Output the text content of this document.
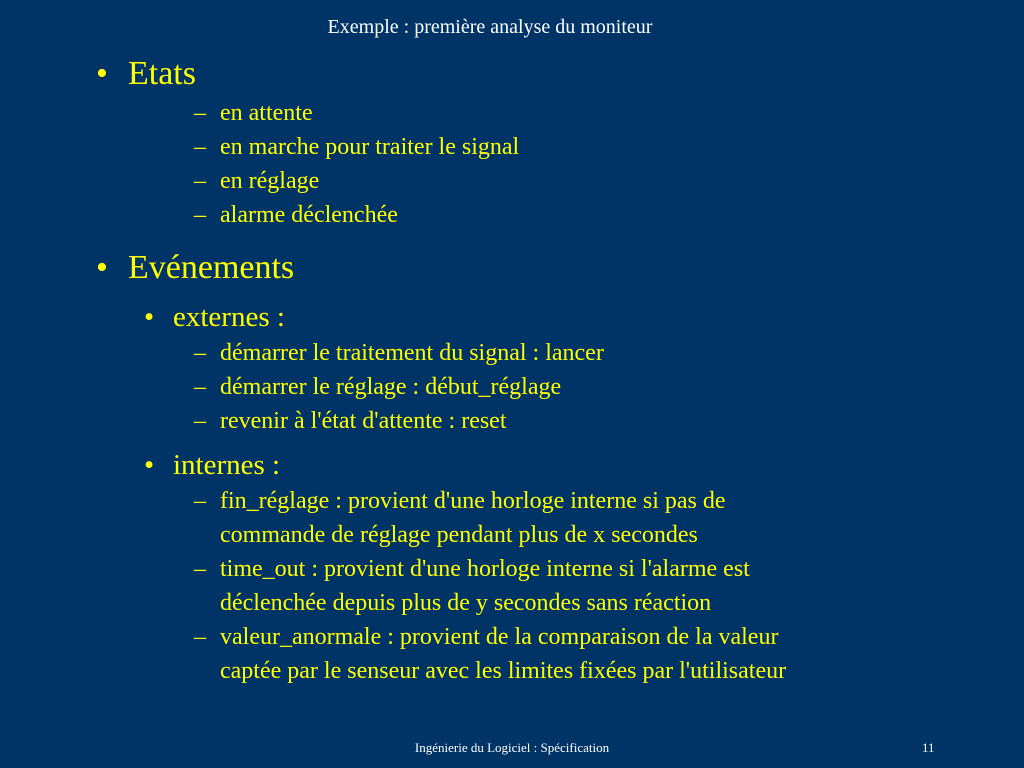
Exemple : première analyse du moniteur
• Etats
– en attente
– en marche pour traiter le signal
– en réglage
– alarme déclenchée
• Evénements
• externes :
– démarrer le traitement du signal : lancer
– démarrer le réglage : début_réglage
– revenir à l'état d'attente : reset
• internes :
– fin_réglage : provient d'une horloge interne si pas de
commande de réglage pendant plus de x secondes
– time_out : provient d'une horloge interne si l'alarme est
déclenchée depuis plus de y secondes sans réaction
– valeur_anormale : provient de la comparaison de la valeur
captée par le senseur avec les limites fixées par l'utilisateur
Ingénierie du Logiciel : Spécification	11
